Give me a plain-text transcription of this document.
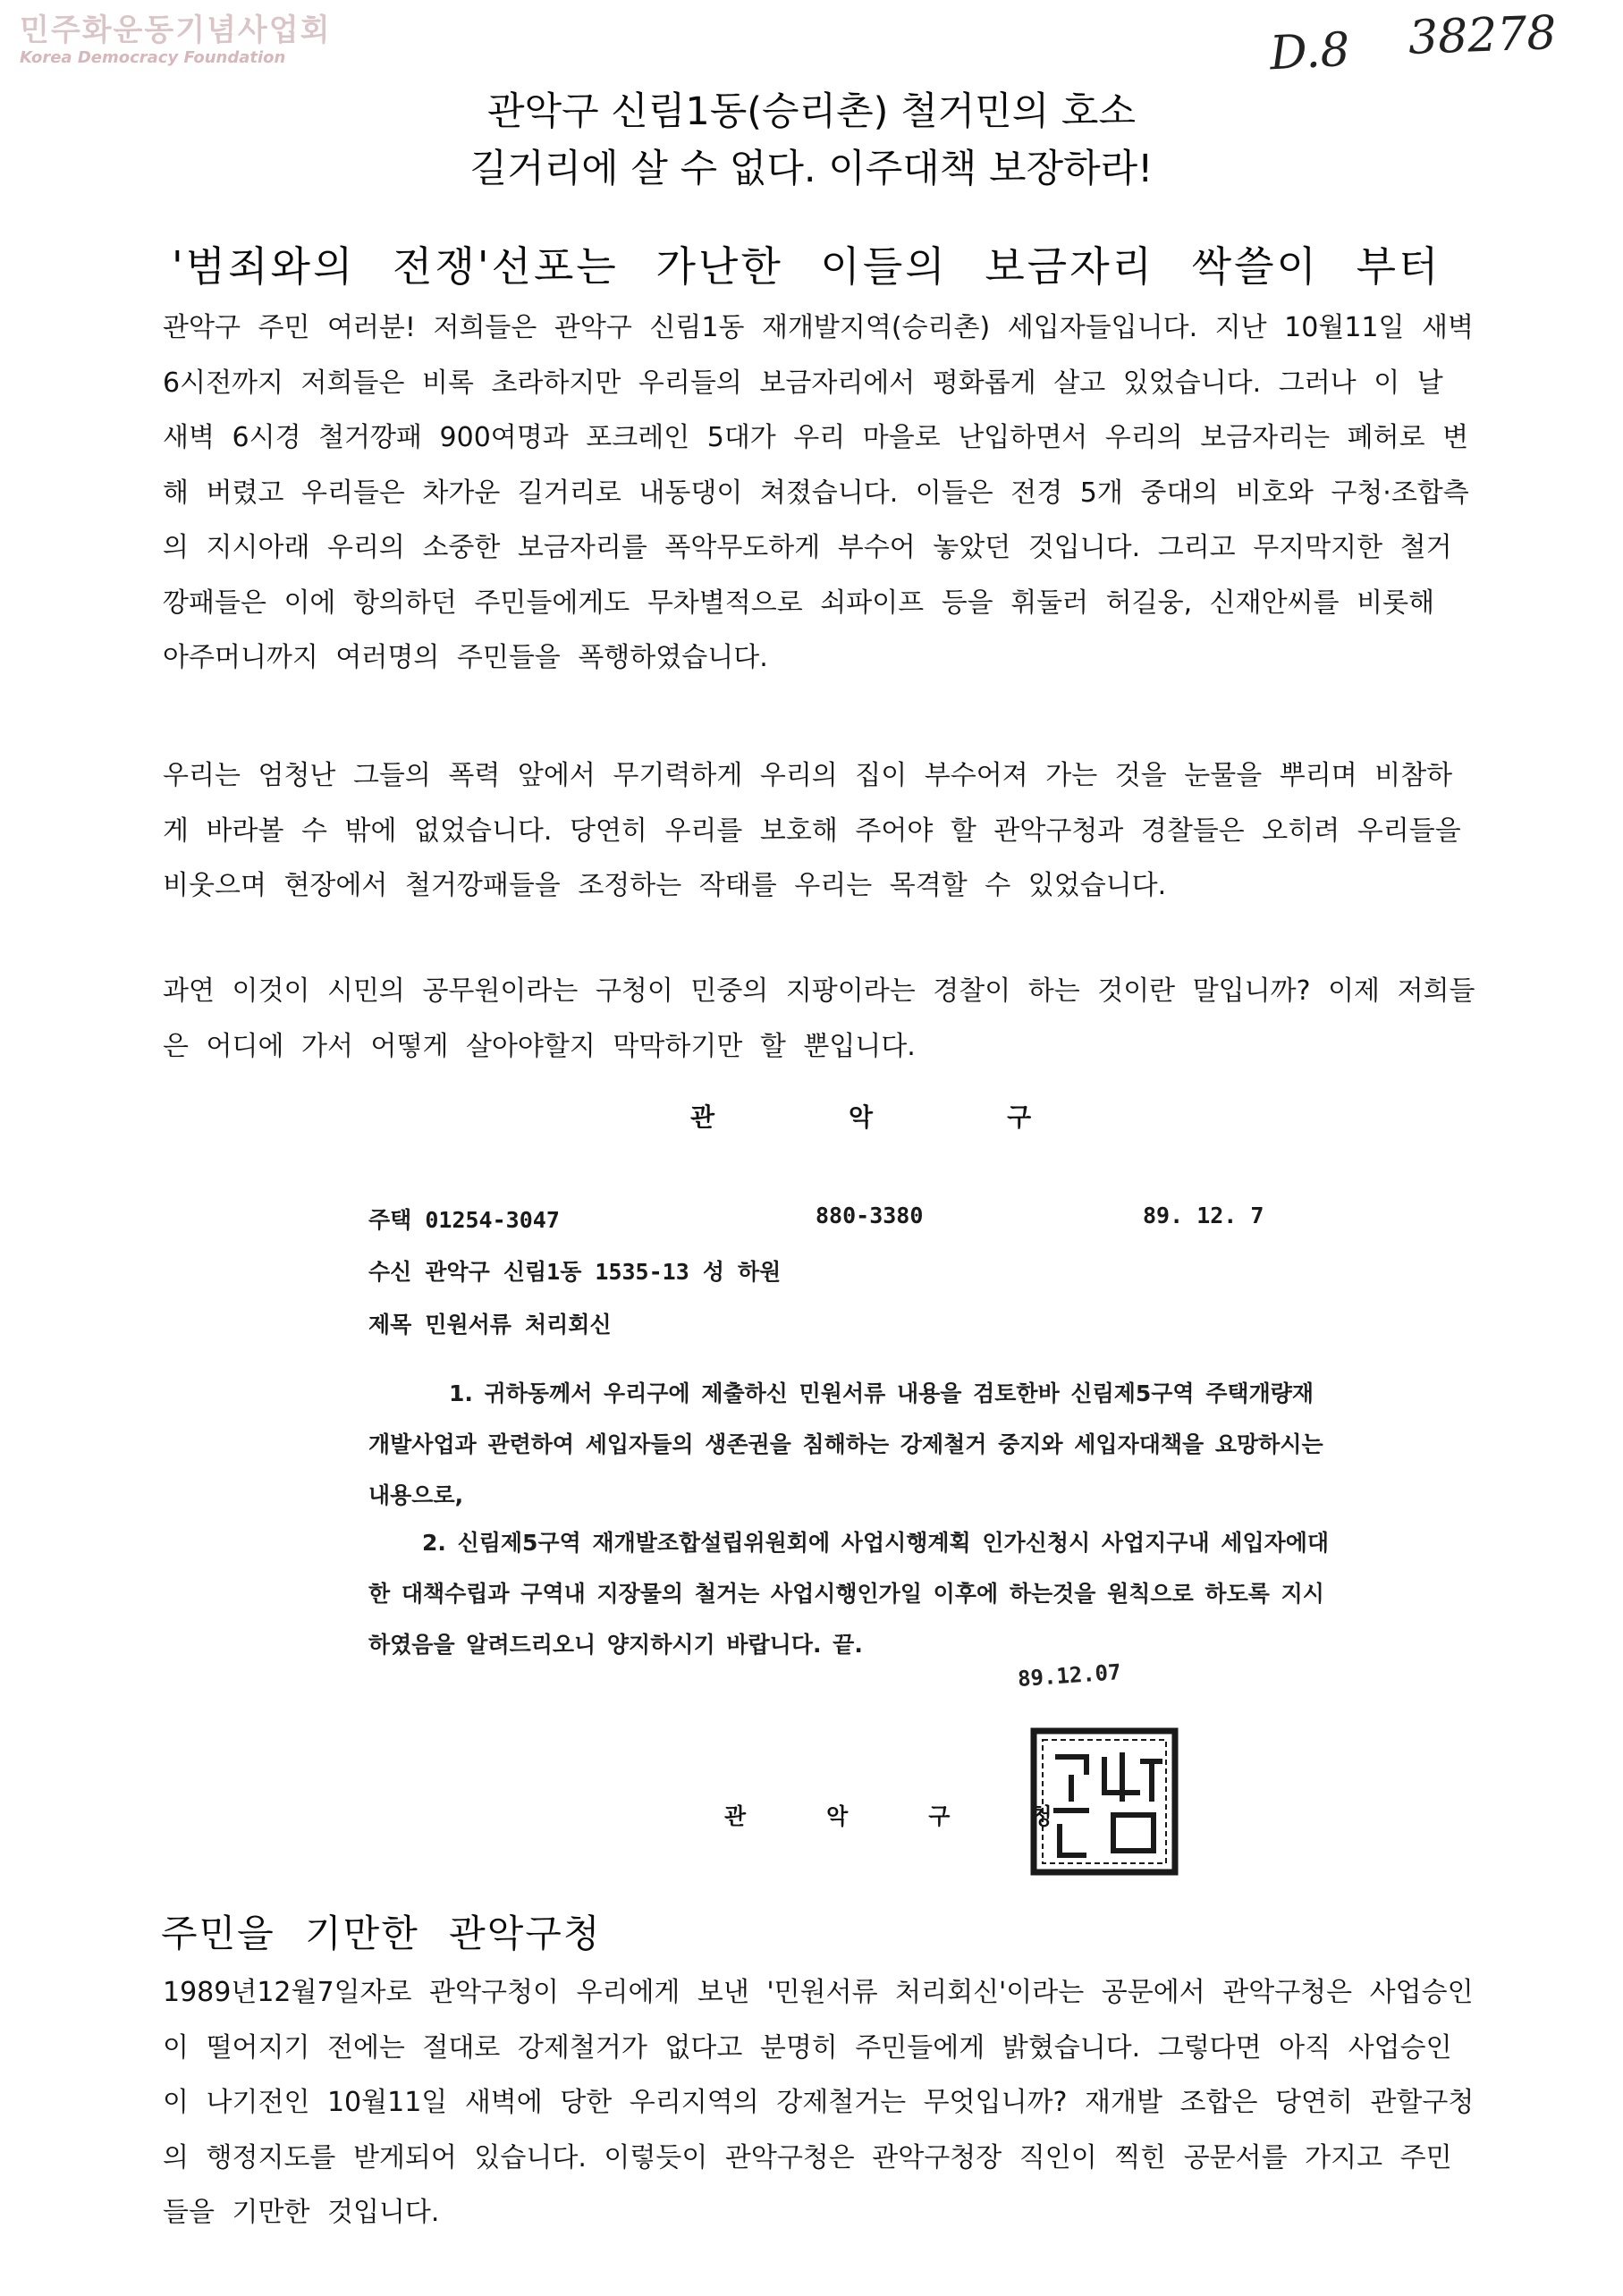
민주화운동기념사업회
Korea Democracy Foundation	D.8 38278
관악구 신림1동(승리촌) 철거민의 호소
길거리에 살 수 없다. 이주대책 보장하라!
'범죄와의 전쟁'선포는 가난한 이들의 보금자리 싹쓸이 부터
관악구 주민 여러분! 저희들은 관악구 신림1동 재개발지역(승리촌) 세입자들입니다. 지난 10월11일 새벽 6시전까지 저희들은 비록 초라하지만 우리들의 보금자리에서 평화롭게 살고 있었습니다. 그러나 이 날 새벽 6시경 철거깡패 900여명과 포크레인 5대가 우리 마을로 난입하면서 우리의 보금자리는 폐허로 변해 버렸고 우리들은 차가운 길거리로 내동댕이 쳐졌습니다. 이들은 전경 5개 중대의 비호와 구청·조합측의 지시아래 우리의 소중한 보금자리를 폭악무도하게 부수어 놓았던 것입니다. 그리고 무지막지한 철거깡패들은 이에 항의하던 주민들에게도 무차별적으로 쇠파이프 등을 휘둘러 허길웅, 신재안씨를 비롯해 아주머니까지 여러명의 주민들을 폭행하였습니다.
우리는 엄청난 그들의 폭력 앞에서 무기력하게 우리의 집이 부수어져 가는 것을 눈물을 뿌리며 비참하게 바라볼 수 밖에 없었습니다. 당연히 우리를 보호해 주어야 할 관악구청과 경찰들은 오히려 우리들을 비웃으며 현장에서 철거깡패들을 조정하는 작태를 우리는 목격할 수 있었습니다.
과연 이것이 시민의 공무원이라는 구청이 민중의 지팡이라는 경찰이 하는 것이란 말입니까? 이제 저희들은 어디에 가서 어떻게 살아야할지 막막하기만 할 뿐입니다.
관악구
주택 01254-3047	880-3380	89. 12. 7
수신 관악구 신림1동 1535-13 성 하원
제목 민원서류 처리회신
1. 귀하동께서 우리구에 제출하신 민원서류 내용을 검토한바 신림제5구역 주택개량재개발사업과 관련하여 세입자들의 생존권을 침해하는 강제철거 중지와 세입자대책을 요망하시는 내용으로,
2. 신림제5구역 재개발조합설립위원회에 사업시행계획 인가신청시 사업지구내 세입자에대한 대책수립과 구역내 지장물의 철거는 사업시행인가일 이후에 하는것을 원칙으로 하도록 지시하였음을 알려드리오니 양지하시기 바랍니다. 끝.
89.12.07
관악구청
주민을 기만한 관악구청
1989년12월7일자로 관악구청이 우리에게 보낸 '민원서류 처리회신'이라는 공문에서 관악구청은 사업승인이 떨어지기 전에는 절대로 강제철거가 없다고 분명히 주민들에게 밝혔습니다. 그렇다면 아직 사업승인이 나기전인 10월11일 새벽에 당한 우리지역의 강제철거는 무엇입니까? 재개발 조합은 당연히 관할구청의 행정지도를 받게되어 있습니다. 이렇듯이 관악구청은 관악구청장 직인이 찍힌 공문서를 가지고 주민들을 기만한 것입니다.
